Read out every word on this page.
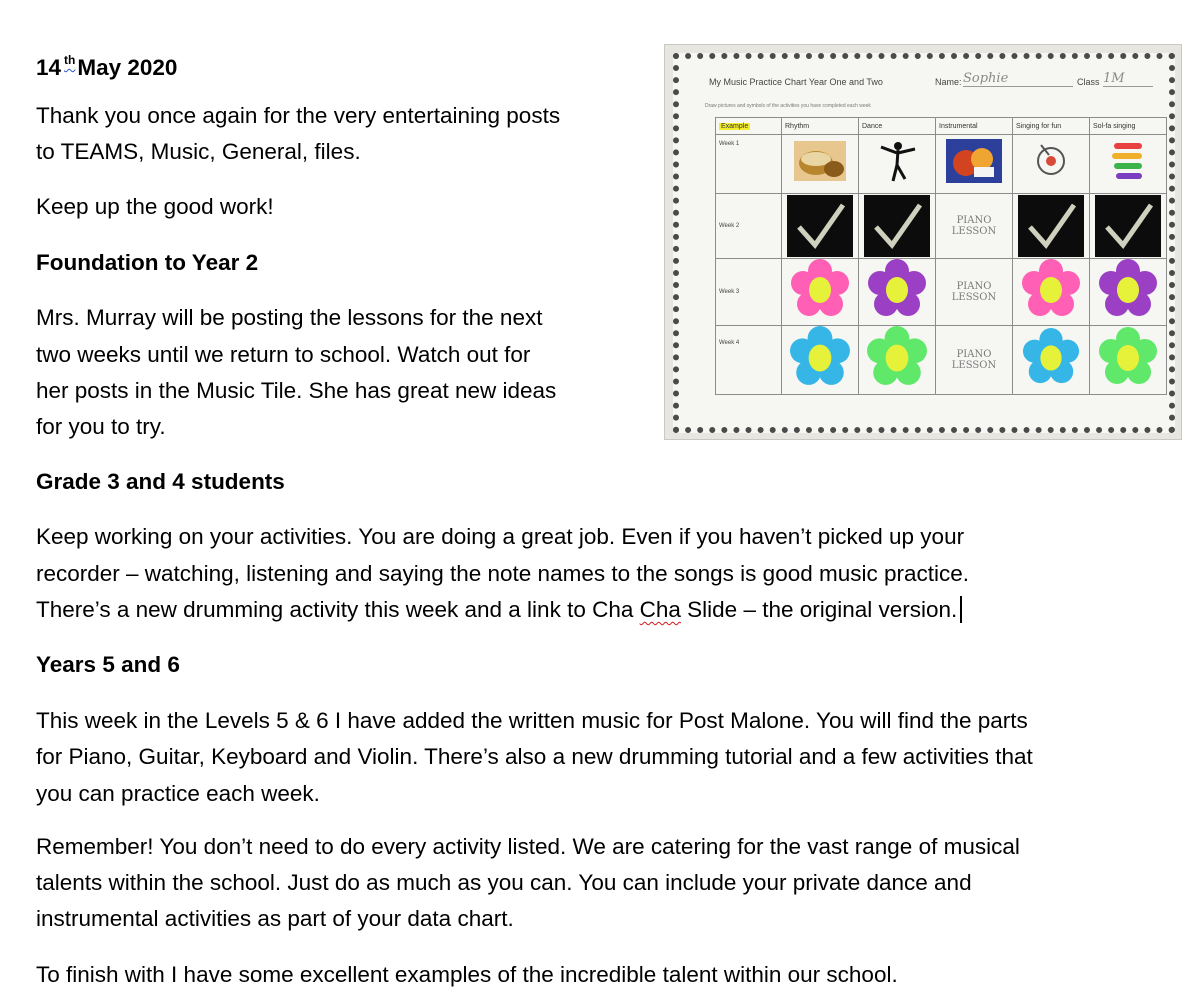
14 $^{th}$May 2020

Thank you once again for the very entertaining posts

to TEAMS, Music, General, files.

Keep up the good work!

Foundation to Year 2

Mrs. Murray will be posting the lessons for the next

two weeks until we return to school. Watch out for

her posts in the Music Tile. She has great new ideas

for you to try.

Grade 3 and 4 students

Keep working on your activities. You are doing a great job. Even if you haven’t picked up your

recorder – watching, listening and saying the note names to the songs is good music practice.

There’s a new drumming activity this week and a link to Cha Cha Slide – the original version.

Years 5 and 6

This week in the Levels 5 & 6 I have added the written music for Post Malone. You will find the parts

for Piano, Guitar, Keyboard and Violin. There’s also a new drumming tutorial and a few activities that

you can practice each week.

Remember! You don’t need to do every activity listed. We are catering for the vast range of musical

talents within the school. Just do as much as you can. You can include your private dance and

instrumental activities as part of your data chart.

To finish with I have some excellent examples of the incredible talent within our school.

My Music Practice Chart Year One and Two	Name: Sophie	Class 1M
Draw pictures and symbols of the activities you have completed each week
Example	Rhythm	Dance	Instrumental	Singing for fun	Sol-fa singing
Week 1					
Week 2			PIANO LESSON	

Week 3			PIANO LESSON		
Week 4			PIANO LESSON		
